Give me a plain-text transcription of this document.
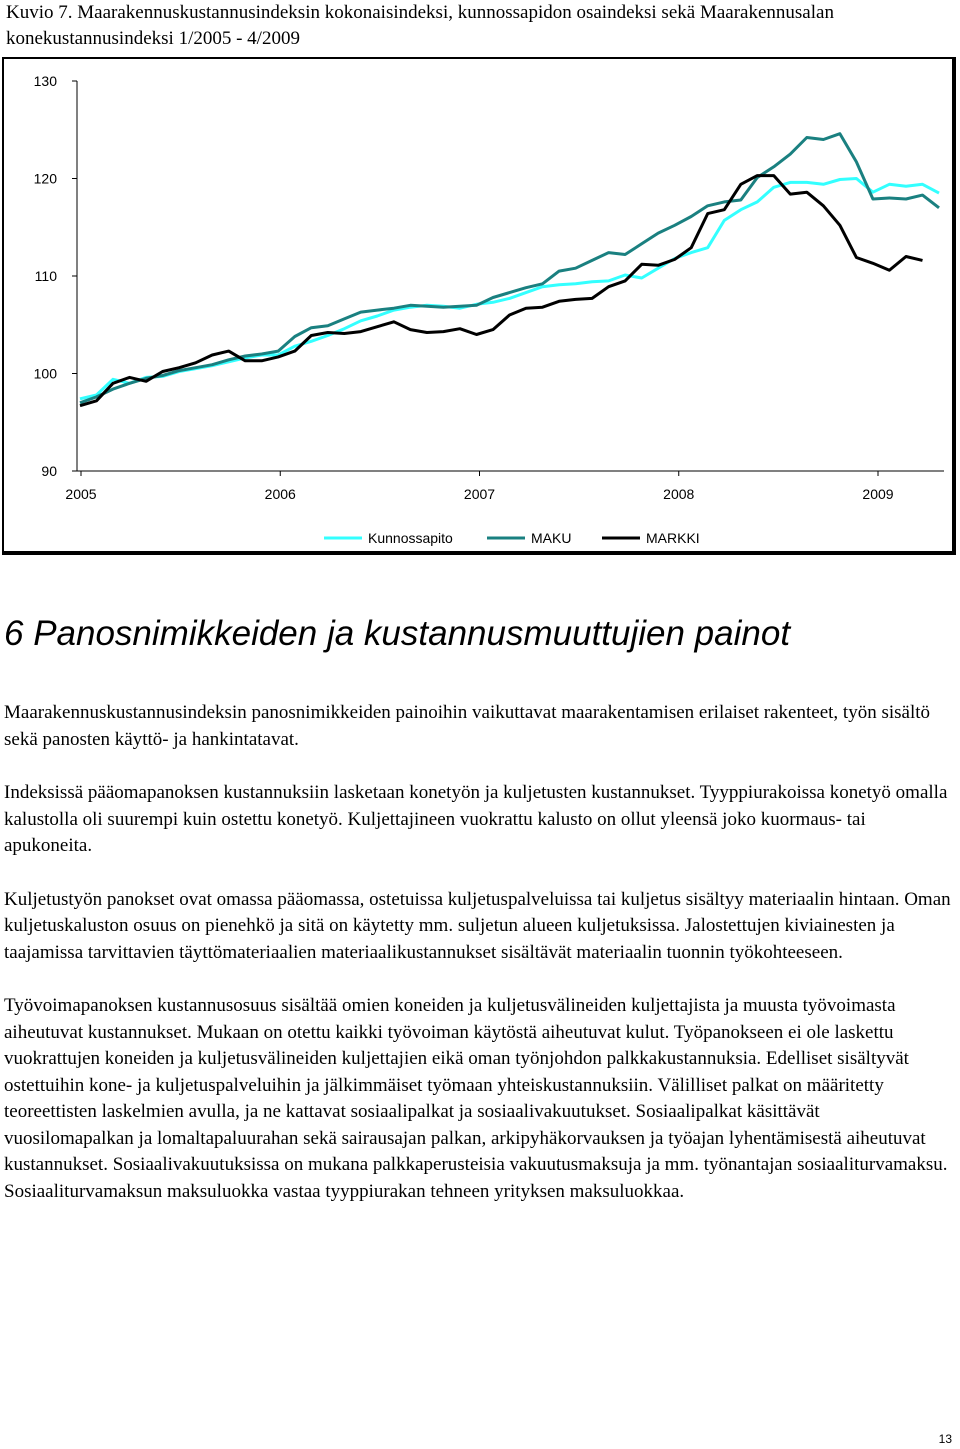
Kuvio 7. Maarakennuskustannusindeksin kokonaisindeksi, kunnossapidon osaindeksi sekä Maarakennusalan konekustannusindeksi 1/2005 - 4/2009
130
120
110
100
90
2005	2006	2007	2008	2009
Kunnossapito	MAKU	MARKKI
6 Panosnimikkeiden ja kustannusmuuttujien painot

Maarakennuskustannusindeksin panosnimikkeiden painoihin vaikuttavat maarakentamisen erilaiset rakenteet, työn sisältö sekä panosten käyttö- ja hankintatavat.

Indeksissä pääomapanoksen kustannuksiin lasketaan konetyön ja kuljetusten kustannukset. Tyyppiurakoissa konetyö omalla kalustolla oli suurempi kuin ostettu konetyö. Kuljettajineen vuokrattu kalusto on ollut yleensä joko kuormaus- tai apukoneita.

Kuljetustyön panokset ovat omassa pääomassa, ostetuissa kuljetuspalveluissa tai kuljetus sisältyy materiaalin hintaan. Oman kuljetuskaluston osuus on pienehkö ja sitä on käytetty mm. suljetun alueen kuljetuksissa. Jalostettujen kiviainesten ja taajamissa tarvittavien täyttömateriaalien materiaalikustannukset sisältävät materiaalin tuonnin työkohteeseen.

Työvoimapanoksen kustannusosuus sisältää omien koneiden ja kuljetusvälineiden kuljettajista ja muusta työvoimasta aiheutuvat kustannukset. Mukaan on otettu kaikki työvoiman käytöstä aiheutuvat kulut. Työpanokseen ei ole laskettu vuokrattujen koneiden ja kuljetusvälineiden kuljettajien eikä oman työnjohdon palkkakustannuksia. Edelliset sisältyvät ostettuihin kone- ja kuljetuspalveluihin ja jälkimmäiset työmaan yhteiskustannuksiin. Välilliset palkat on määritetty teoreettisten laskelmien avulla, ja ne kattavat sosiaalipalkat ja sosiaalivakuutukset. Sosiaalipalkat käsittävät vuosilomapalkan ja lomaltapaluurahan sekä sairausajan palkan, arkipyhäkorvauksen ja työajan lyhentämisestä aiheutuvat kustannukset. Sosiaalivakuutuksissa on mukana palkkaperusteisia vakuutusmaksuja ja mm. työnantajan sosiaaliturvamaksu. Sosiaaliturvamaksun maksuluokka vastaa tyyppiurakan tehneen yrityksen maksuluokkaa.

13
